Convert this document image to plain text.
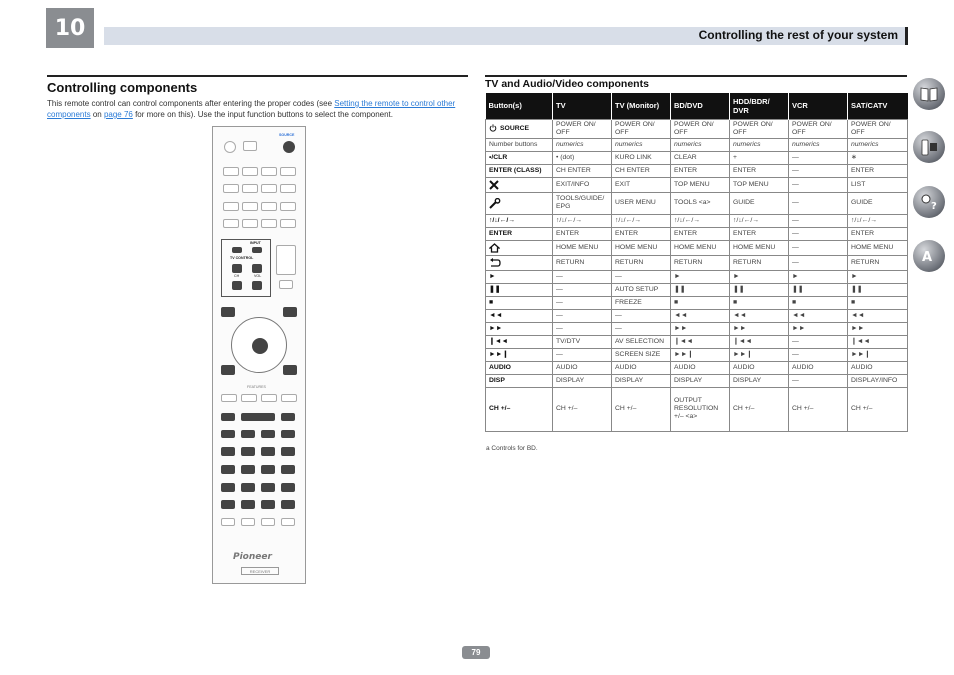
10	Controlling the rest of your system
Controlling components

This remote control can control components after entering the proper codes (see Setting the remote to control other components on page 76 for more on this). Use the input function buttons to select the component.

SOURCE
INPUT
TV CONTROL
CH	VOL
FEATURES
Pioneer
RECEIVER
TV and Audio/Video components
Button(s)	TV	TV (Monitor)	BD/DVD	HDD/BDR/ DVR	VCR	SAT/CATV
SOURCE	POWER ON/ OFF	POWER ON/ OFF	POWER ON/ OFF	POWER ON/ OFF	POWER ON/ OFF	POWER ON/ OFF
Number buttons	numerics	numerics	numerics	numerics	numerics	numerics
•/CLR	• (dot)	KURO LINK	CLEAR	+	—	∗
ENTER (CLASS)	CH ENTER	CH ENTER	ENTER	ENTER	—	ENTER
	EXIT/INFO	EXIT	TOP MENU	TOP MENU	—	LIST
	TOOLS/GUIDE/ EPG	USER MENU	TOOLS <a>	GUIDE	—	GUIDE
↑/↓/←/→	↑/↓/←/→	↑/↓/←/→	↑/↓/←/→	↑/↓/←/→	—	↑/↓/←/→
ENTER	ENTER	ENTER	ENTER	ENTER	—	ENTER
	HOME MENU	HOME MENU	HOME MENU	HOME MENU	—	HOME MENU
	RETURN	RETURN	RETURN	RETURN	—	RETURN
►	—	—	►	►	►	►
❚❚	—	AUTO SETUP	❚❚	❚❚	❚❚	❚❚
■	—	FREEZE	■	■	■	■
◄◄	—	—	◄◄	◄◄	◄◄	◄◄
►►	—	—	►►	►►	►►	►►
❙◄◄	TV/DTV	AV SELECTION	❙◄◄	❙◄◄	—	❙◄◄
►►❙	—	SCREEN SIZE	►►❙	►►❙	—	►►❙
AUDIO	AUDIO	AUDIO	AUDIO	AUDIO	AUDIO	AUDIO
DISP	DISPLAY	DISPLAY	DISPLAY	DISPLAY	—	DISPLAY/INFO
CH +/–	CH +/–	CH +/–	OUTPUT RESOLUTION +/– <a>	CH +/–	CH +/–	CH +/–
a Controls for BD.
?
A
79
